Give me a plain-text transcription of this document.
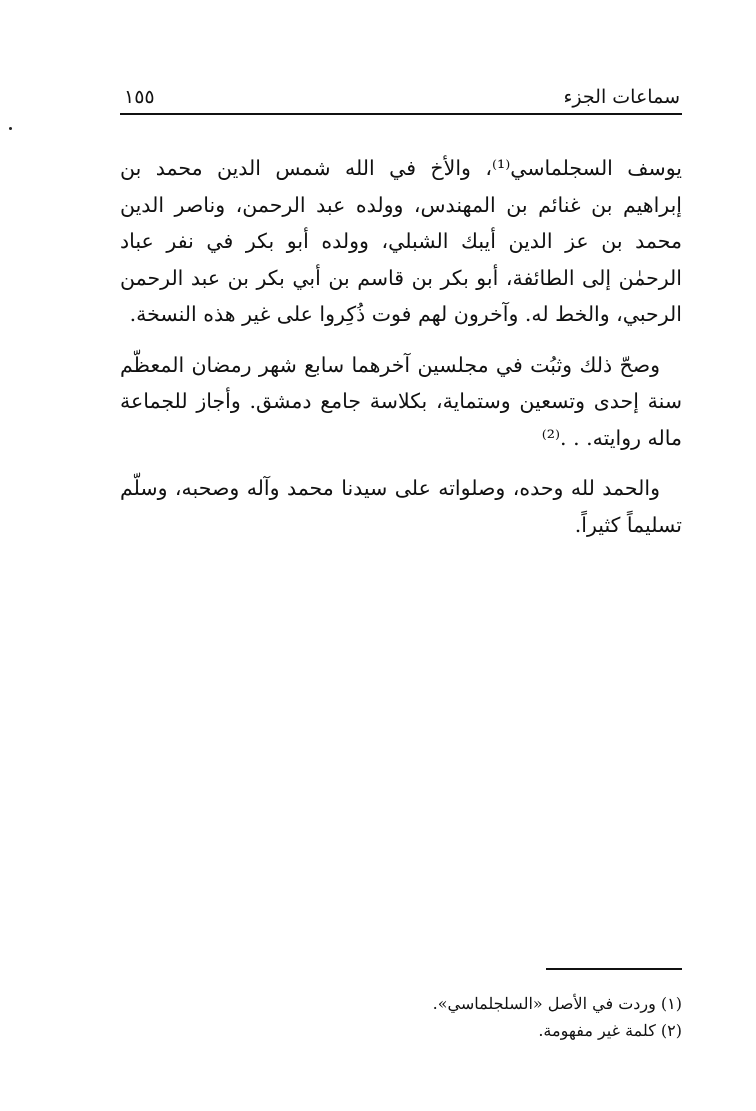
سماعات الجزء
١٥٥

يوسف السجلماسي⁽¹⁾، والأخ في الله شمس الدين محمد بن إبراهيم بن غنائم بن المهندس، وولده عبد الرحمن، وناصر الدين محمد بن عز الدين أيبك الشبلي، وولده أبو بكر في نفر عباد الرحمٰن إلى الطائفة، أبو بكر بن قاسم بن أبي بكر بن عبد الرحمن الرحبي، والخط له. وآخرون لهم فوت ذُكِروا على غير هذه النسخة.

وصحّ ذلك وثبُت في مجلسين آخرهما سابع شهر رمضان المعظّم سنة إحدى وتسعين وستماية، بكلاسة جامع دمشق. وأجاز للجماعة ماله روايته. . .⁽²⁾

والحمد لله وحده، وصلواته على سيدنا محمد وآله وصحبه، وسلّم تسليماً كثيراً.

(١) وردت في الأصل «السلجلماسي».
(٢) كلمة غير مفهومة.
